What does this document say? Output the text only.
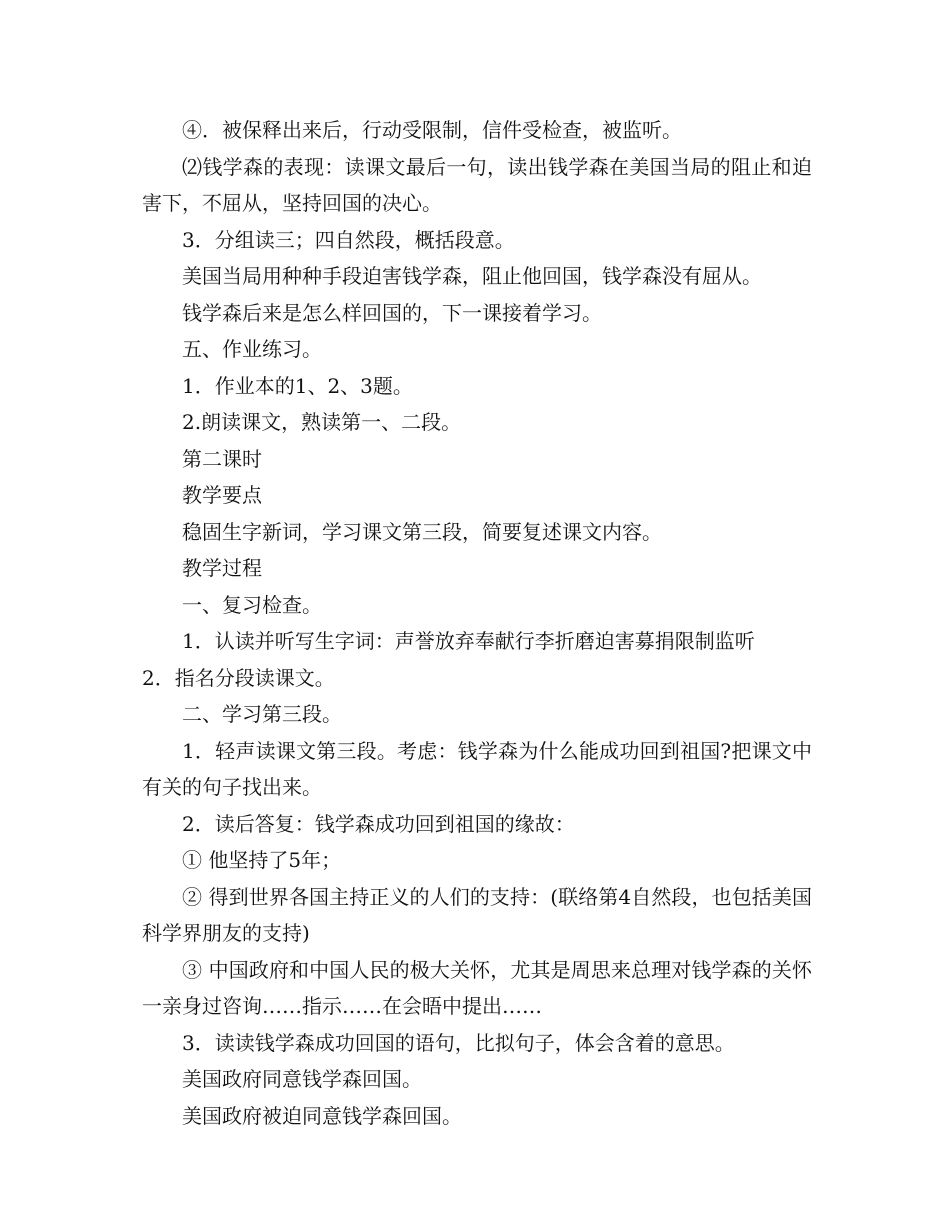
④．被保释出来后，行动受限制，信件受检查，被监听。

⑵钱学森的表现：读课文最后一句，读出钱学森在美国当局的阻止和迫害下，不屈从，坚持回国的决心。

3．分组读三；四自然段，概括段意。

美国当局用种种手段迫害钱学森，阻止他回国，钱学森没有屈从。

钱学森后来是怎么样回国的，下一课接着学习。

五、作业练习。

1．作业本的1、2、3题。

2.朗读课文，熟读第一、二段。

第二课时

教学要点

稳固生字新词，学习课文第三段，简要复述课文内容。

教学过程

一、复习检查。

1．认读并听写生字词：声誉放弃奉献行李折磨迫害募捐限制监听

2．指名分段读课文。

二、学习第三段。

1．轻声读课文第三段。考虑：钱学森为什么能成功回到祖国?把课文中有关的句子找出来。

2．读后答复：钱学森成功回到祖国的缘故：

① 他坚持了5年；

② 得到世界各国主持正义的人们的支持：(联络第4自然段，也包括美国科学界朋友的支持)

③ 中国政府和中国人民的极大关怀，尤其是周思来总理对钱学森的关怀一亲身过咨询……指示……在会晤中提出……

3．读读钱学森成功回国的语句，比拟句子，体会含着的意思。

美国政府同意钱学森回国。

美国政府被迫同意钱学森回国。
